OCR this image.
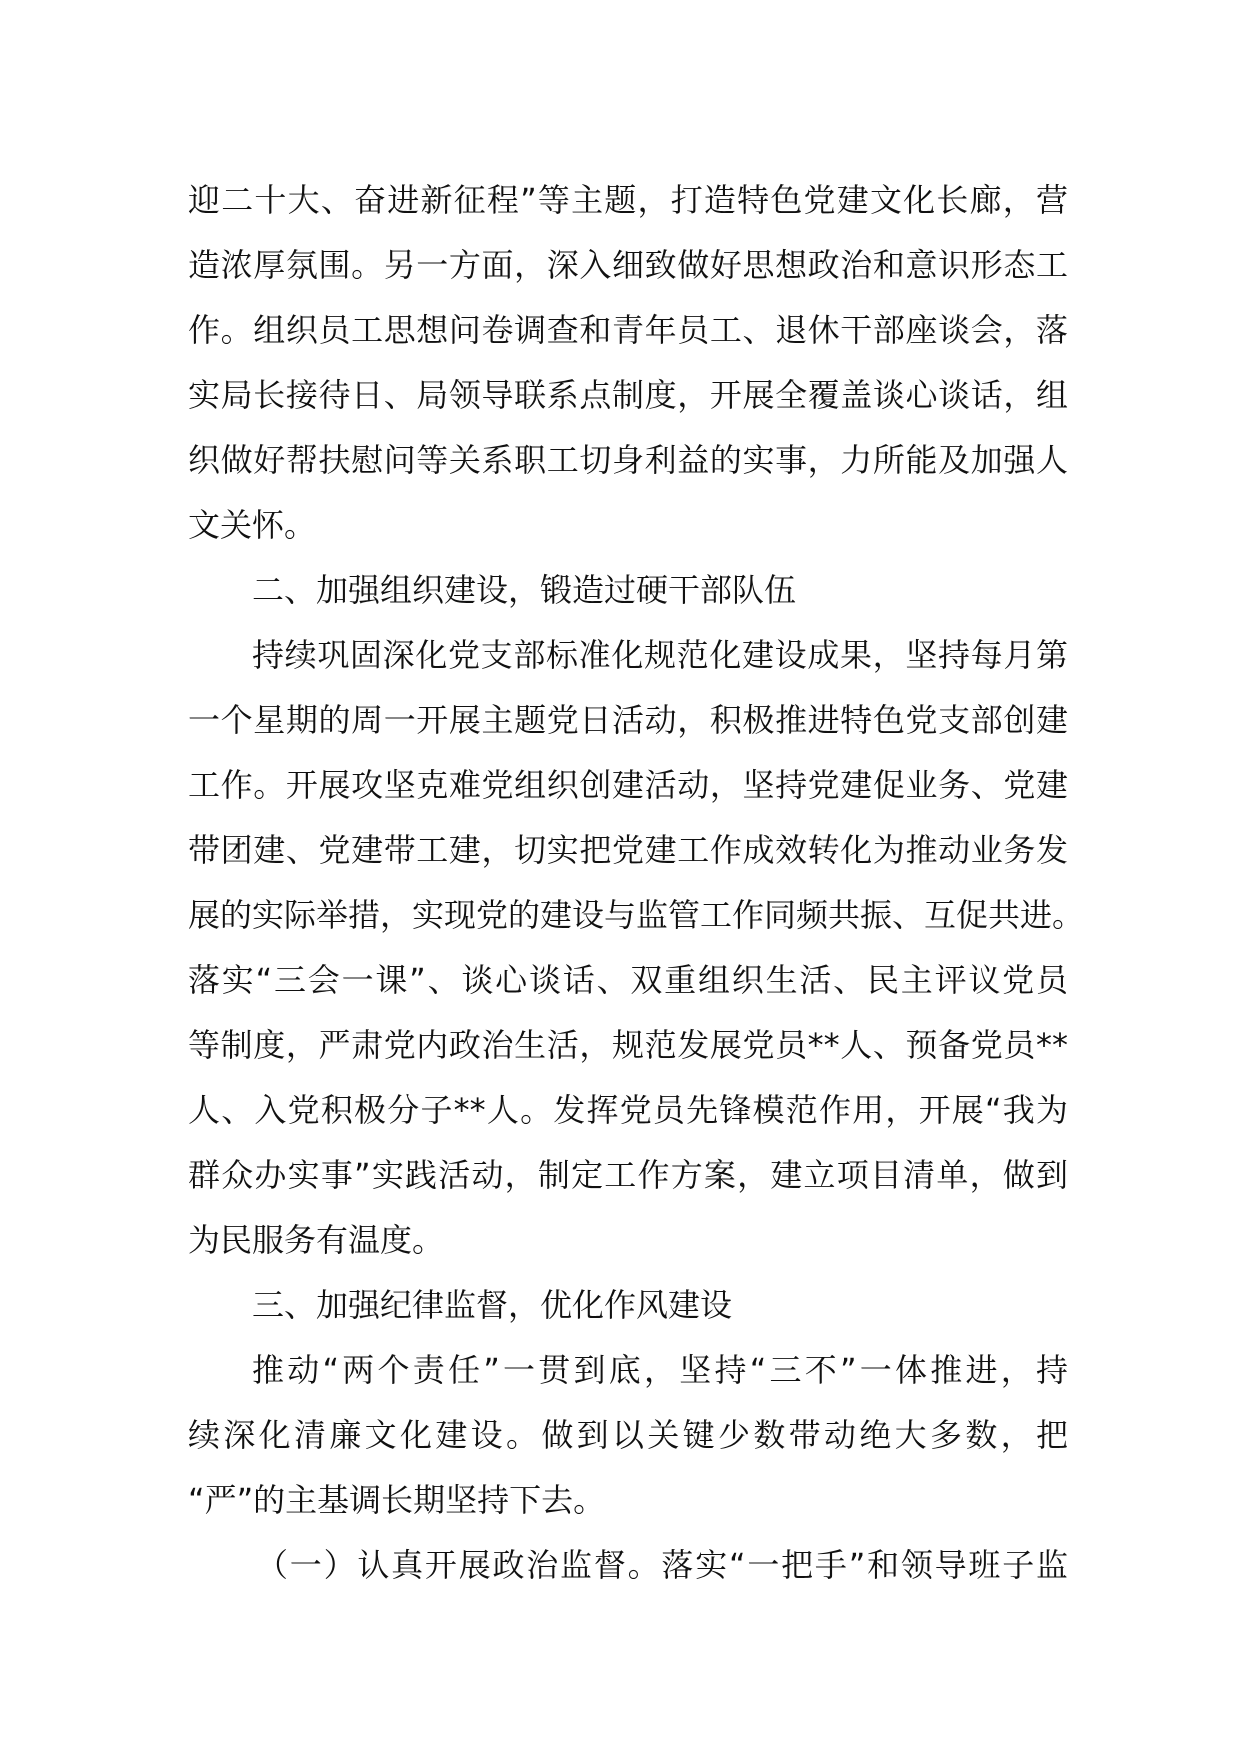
迎二十大、奋进新征程”等主题，打造特色党建文化长廊，营
造浓厚氛围。另一方面，深入细致做好思想政治和意识形态工
作。组织员工思想问卷调查和青年员工、退休干部座谈会，落
实局长接待日、局领导联系点制度，开展全覆盖谈心谈话，组
织做好帮扶慰问等关系职工切身利益的实事，力所能及加强人
文关怀。
二、加强组织建设，锻造过硬干部队伍
持续巩固深化党支部标准化规范化建设成果，坚持每月第
一个星期的周一开展主题党日活动，积极推进特色党支部创建
工作。开展攻坚克难党组织创建活动，坚持党建促业务、党建
带团建、党建带工建，切实把党建工作成效转化为推动业务发
展的实际举措，实现党的建设与监管工作同频共振、互促共进。
落实“三会一课”、谈心谈话、双重组织生活、民主评议党员
等制度，严肃党内政治生活，规范发展党员**人、预备党员**
人、入党积极分子**人。发挥党员先锋模范作用，开展“我为
群众办实事”实践活动，制定工作方案，建立项目清单，做到
为民服务有温度。
三、加强纪律监督，优化作风建设
推动“两个责任”一贯到底，坚持“三不”一体推进，持
续深化清廉文化建设。做到以关键少数带动绝大多数，把
“严”的主基调长期坚持下去。
（一）认真开展政治监督。落实“一把手”和领导班子监
